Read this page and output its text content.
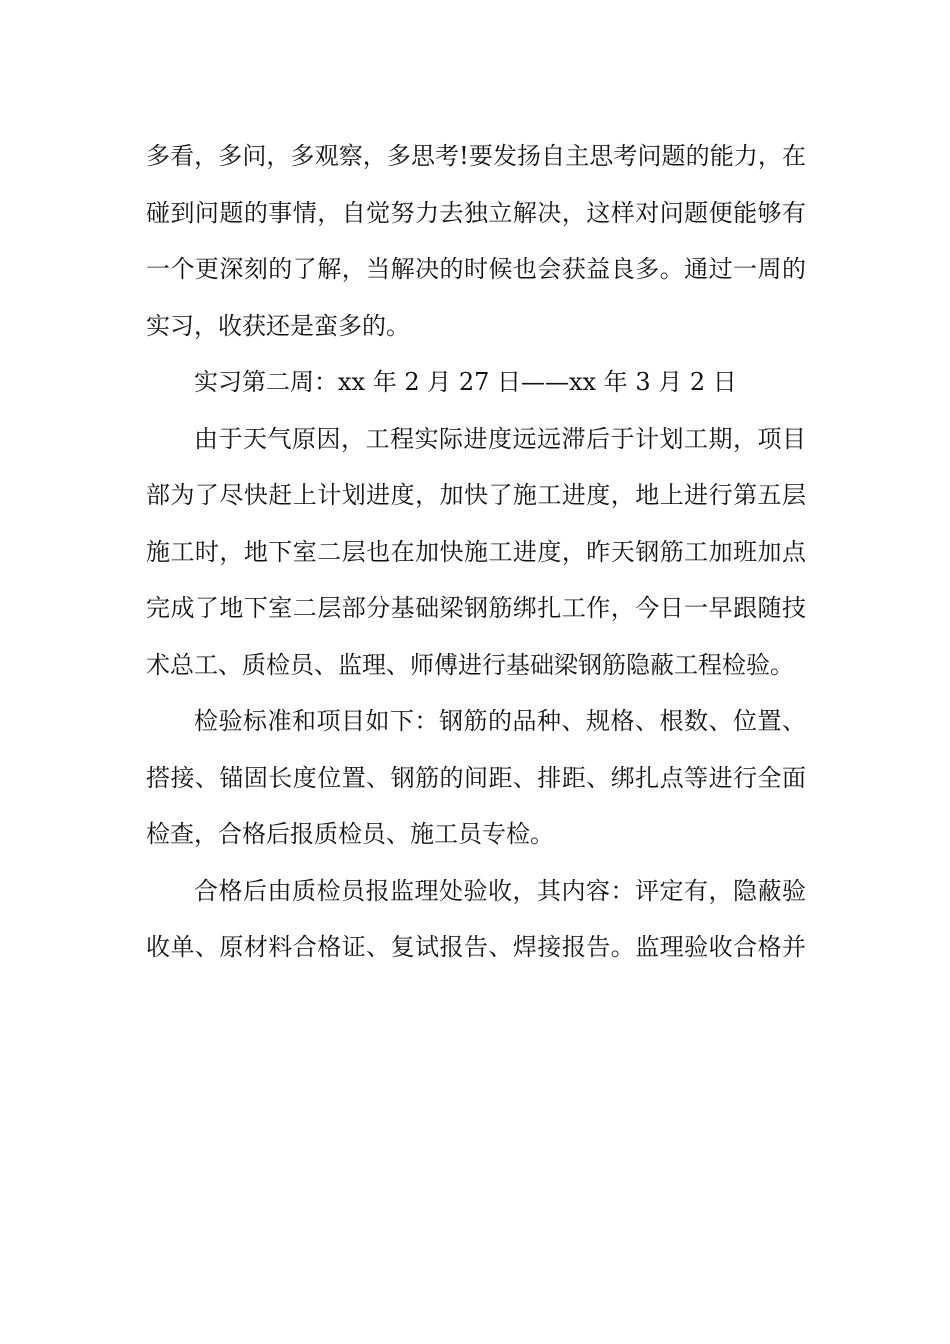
多看，多问，多观察，多思考!要发扬自主思考问题的能力，在
碰到问题的事情，自觉努力去独立解决，这样对问题便能够有
一个更深刻的了解，当解决的时候也会获益良多。通过一周的
实习，收获还是蛮多的。

实习第二周：xx 年 2 月 27 日——xx 年 3 月 2 日

由于天气原因，工程实际进度远远滞后于计划工期，项目
部为了尽快赶上计划进度，加快了施工进度，地上进行第五层
施工时，地下室二层也在加快施工进度，昨天钢筋工加班加点
完成了地下室二层部分基础梁钢筋绑扎工作，今日一早跟随技
术总工、质检员、监理、师傅进行基础梁钢筋隐蔽工程检验。

检验标准和项目如下：钢筋的品种、规格、根数、位置、
搭接、锚固长度位置、钢筋的间距、排距、绑扎点等进行全面
检查，合格后报质检员、施工员专检。

合格后由质检员报监理处验收，其内容：评定有，隐蔽验
收单、原材料合格证、复试报告、焊接报告。监理验收合格并
